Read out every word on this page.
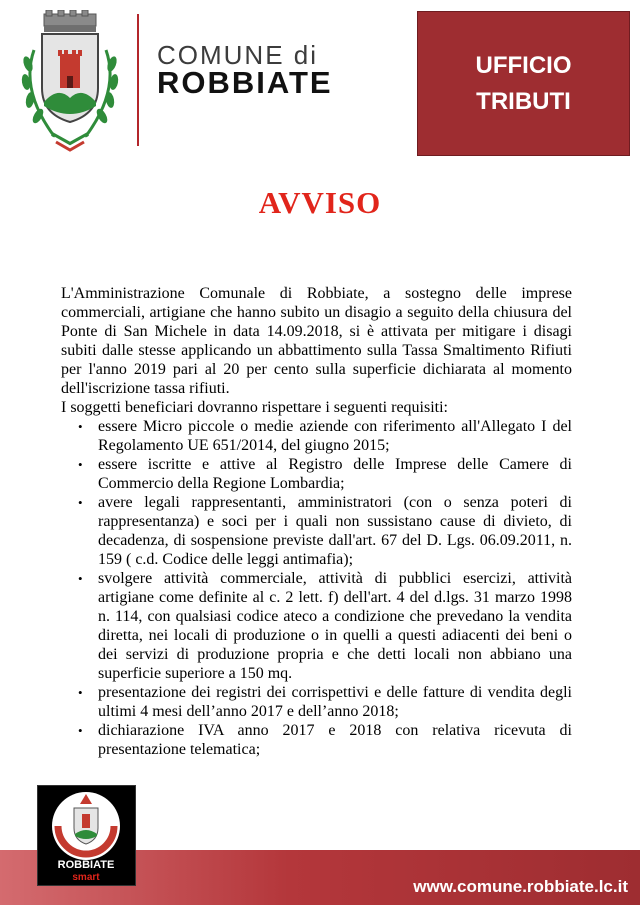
COMUNE di
ROBBIATE	UFFICIO
TRIBUTI
AVVISO

L'Amministrazione Comunale di Robbiate, a sostegno delle imprese commerciali, artigiane che hanno subito un disagio a seguito della chiusura del Ponte di San Michele in data 14.09.2018, si è attivata per mitigare i disagi subiti dalle stesse applicando un abbattimento sulla Tassa Smaltimento Rifiuti per l'anno 2019 pari al 20 per cento sulla superficie dichiarata al momento dell'iscrizione tassa rifiuti.

I soggetti beneficiari dovranno rispettare i seguenti requisiti:

• essere Micro piccole o medie aziende con riferimento all'Allegato I del Regolamento UE 651/2014, del giugno 2015;
• essere iscritte e attive al Registro delle Imprese delle Camere di Commercio della Regione Lombardia;
• avere legali rappresentanti, amministratori (con o senza poteri di rappresentanza) e soci per i quali non sussistano cause di divieto, di decadenza, di sospensione previste dall'art. 67 del D. Lgs. 06.09.2011, n. 159 ( c.d. Codice delle leggi antimafia);
• svolgere attività commerciale, attività di pubblici esercizi, attività artigiane come definite al c. 2 lett. f) dell'art. 4 del d.lgs. 31 marzo 1998 n. 114, con qualsiasi codice ateco a condizione che prevedano la vendita diretta, nei locali di produzione o in quelli a questi adiacenti dei beni o dei servizi di produzione propria e che detti locali non abbiano una superficie superiore a 150 mq.
• presentazione dei registri dei corrispettivi e delle fatture di vendita degli ultimi 4 mesi dell’anno 2017 e dell’anno 2018;
• dichiarazione IVA anno 2017 e 2018 con relativa ricevuta di presentazione telematica;
www.comune.robbiate.lc.it
ROBBIATE
smart
